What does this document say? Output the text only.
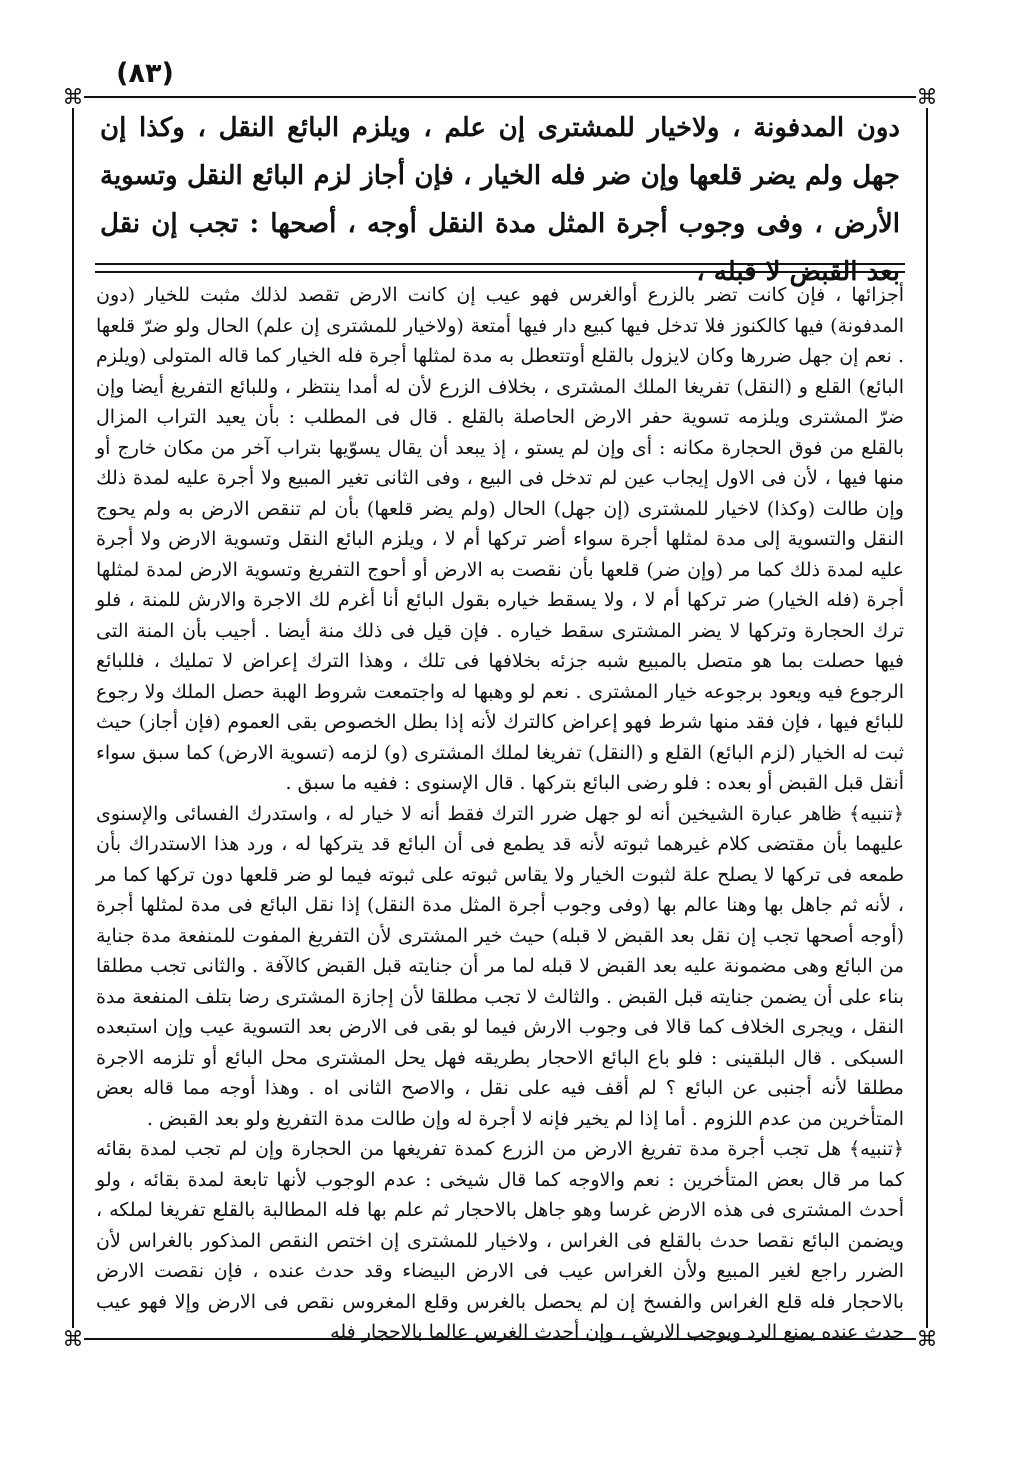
(٨٣)
⌘	⌘
⌘	⌘
دون المدفونة ، ولاخيار للمشترى إن علم ، ويلزم البائع النقل ، وكذا إن جهل ولم يضر قلعها وإن ضر فله الخيار ، فإن أجاز لزم البائع النقل وتسوية الأرض ، وفى وجوب أجرة المثل مدة النقل أوجه ، أصحها : تجب إن نقل بعد القبض لا قبله ،

أجزائها ، فإن كانت تضر بالزرع أوالغرس فهو عيب إن كانت الارض تقصد لذلك مثبت للخيار (دون المدفونة) فيها كالكنوز فلا تدخل فيها كبيع دار فيها أمتعة (ولاخيار للمشترى إن علم) الحال ولو ضرّ قلعها . نعم إن جهل ضررها وكان لايزول بالقلع أوتتعطل به مدة لمثلها أجرة فله الخيار كما قاله المتولى (ويلزم البائع) القلع و (النقل) تفريغا الملك المشترى ، بخلاف الزرع لأن له أمدا ينتظر ، وللبائع التفريغ أيضا وإن ضرّ المشترى ويلزمه تسوية حفر الارض الحاصلة بالقلع . قال فى المطلب : بأن يعيد التراب المزال بالقلع من فوق الحجارة مكانه : أى وإن لم يستو ، إذ يبعد أن يقال يسوّيها بتراب آخر من مكان خارج أو منها فيها ، لأن فى الاول إيجاب عين لم تدخل فى البيع ، وفى الثانى تغير المبيع ولا أجرة عليه لمدة ذلك وإن طالت (وكذا) لاخيار للمشترى (إن جهل) الحال (ولم يضر قلعها) بأن لم تنقص الارض به ولم يحوج النقل والتسوية إلى مدة لمثلها أجرة سواء أضر تركها أم لا ، ويلزم البائع النقل وتسوية الارض ولا أجرة عليه لمدة ذلك كما مر (وإن ضر) قلعها بأن نقصت به الارض أو أحوج التفريغ وتسوية الارض لمدة لمثلها أجرة (فله الخيار) ضر تركها أم لا ، ولا يسقط خياره بقول البائع أنا أغرم لك الاجرة والارش للمنة ، فلو ترك الحجارة وتركها لا يضر المشترى سقط خياره . فإن قيل فى ذلك منة أيضا . أجيب بأن المنة التى فيها حصلت بما هو متصل بالمبيع شبه جزئه بخلافها فى تلك ، وهذا الترك إعراض لا تمليك ، فللبائع الرجوع فيه ويعود برجوعه خيار المشترى . نعم لو وهبها له واجتمعت شروط الهبة حصل الملك ولا رجوع للبائع فيها ، فإن فقد منها شرط فهو إعراض كالترك لأنه إذا بطل الخصوص بقى العموم (فإن أجاز) حيث ثبت له الخيار (لزم البائع) القلع و (النقل) تفريغا لملك المشترى (و) لزمه (تسوية الارض) كما سبق سواء أنقل قبل القبض أو بعده : فلو رضى البائع بتركها . قال الإسنوى : ففيه ما سبق .

﴿تنبيه﴾ ظاهر عبارة الشيخين أنه لو جهل ضرر الترك فقط أنه لا خيار له ، واستدرك الفسائى والإسنوى عليهما بأن مقتضى كلام غيرهما ثبوته لأنه قد يطمع فى أن البائع قد يتركها له ، ورد هذا الاستدراك بأن طمعه فى تركها لا يصلح علة لثبوت الخيار ولا يقاس ثبوته على ثبوته فيما لو ضر قلعها دون تركها كما مر ، لأنه ثم جاهل بها وهنا عالم بها (وفى وجوب أجرة المثل مدة النقل) إذا نقل البائع فى مدة لمثلها أجرة (أوجه أصحها تجب إن نقل بعد القبض لا قبله) حيث خير المشترى لأن التفريغ المفوت للمنفعة مدة جناية من البائع وهى مضمونة عليه بعد القبض لا قبله لما مر أن جنايته قبل القبض كالآفة . والثانى تجب مطلقا بناء على أن يضمن جنايته قبل القبض . والثالث لا تجب مطلقا لأن إجازة المشترى رضا بتلف المنفعة مدة النقل ، ويجرى الخلاف كما قالا فى وجوب الارش فيما لو بقى فى الارض بعد التسوية عيب وإن استبعده السبكى . قال البلقينى : فلو باع البائع الاحجار بطريقه فهل يحل المشترى محل البائع أو تلزمه الاجرة مطلقا لأنه أجنبى عن البائع ؟ لم أقف فيه على نقل ، والاصح الثانى اه . وهذا أوجه مما قاله بعض المتأخرين من عدم اللزوم . أما إذا لم يخير فإنه لا أجرة له وإن طالت مدة التفريغ ولو بعد القبض .

﴿تنبيه﴾ هل تجب أجرة مدة تفريغ الارض من الزرع كمدة تفريغها من الحجارة وإن لم تجب لمدة بقائه كما مر قال بعض المتأخرين : نعم والاوجه كما قال شيخى : عدم الوجوب لأنها تابعة لمدة بقائه ، ولو أحدث المشترى فى هذه الارض غرسا وهو جاهل بالاحجار ثم علم بها فله المطالبة بالقلع تفريغا لملكه ، ويضمن البائع نقصا حدث بالقلع فى الغراس ، ولاخيار للمشترى إن اختص النقص المذكور بالغراس لأن الضرر راجع لغير المبيع ولأن الغراس عيب فى الارض البيضاء وقد حدث عنده ، فإن نقصت الارض بالاحجار فله قلع الغراس والفسخ إن لم يحصل بالغرس وقلع المغروس نقص فى الارض وإلا فهو عيب حدث عنده يمنع الرد ويوجب الارش ، وإن أحدث الغرس عالما بالاحجار فله
